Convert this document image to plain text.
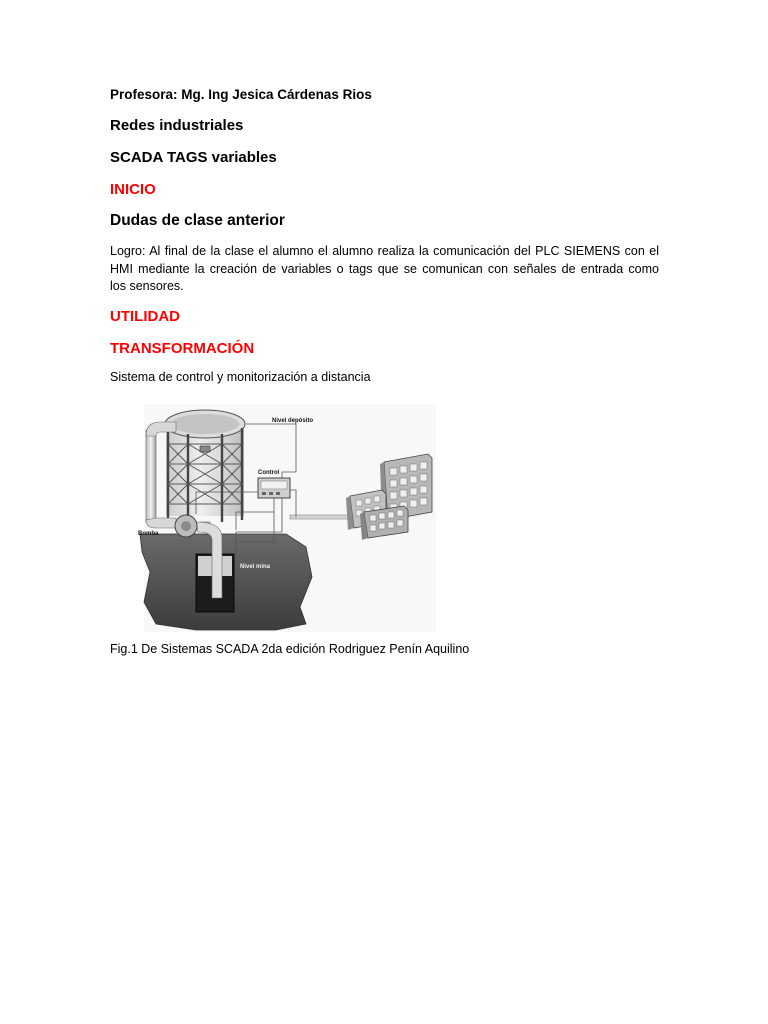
Profesora: Mg. Ing Jesica Cárdenas Rios
Redes industriales
SCADA TAGS variables
INICIO
Dudas de clase anterior
Logro: Al final de la clase el alumno el alumno realiza la comunicación del PLC SIEMENS con el
HMI mediante la creación de variables o tags que se comunican con señales de entrada como
los sensores.
UTILIDAD
TRANSFORMACIÓN
Sistema de control y monitorización a distancia
Nivel depósito
Control
Bomba
Nivel mina
Fig.1 De Sistemas SCADA 2da edición Rodriguez Penín Aquilino
